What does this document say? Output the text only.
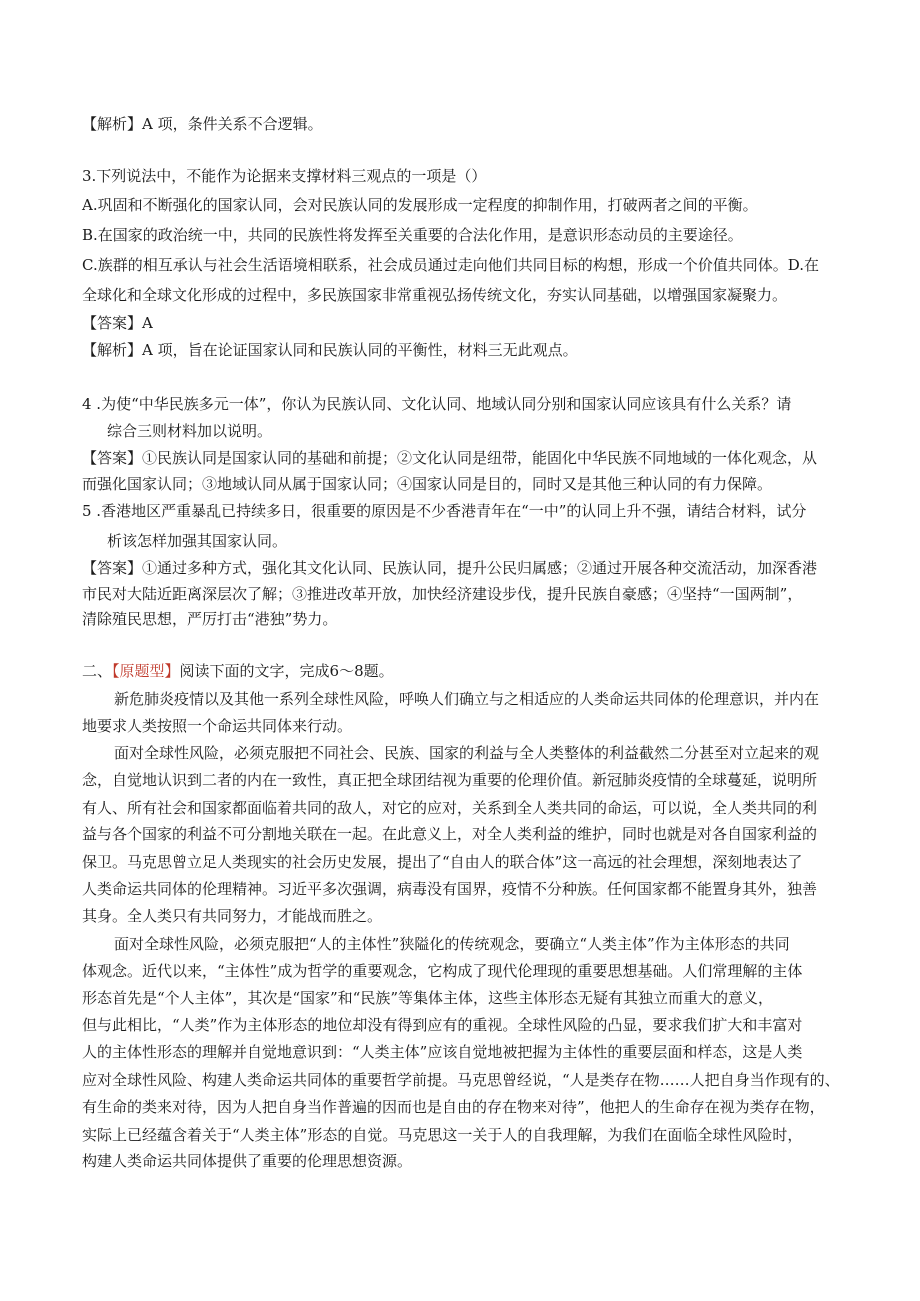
【解析】A 项，条件关系不合逻辑。
3.下列说法中，不能作为论据来支撑材料三观点的一项是（）
A.巩固和不断强化的国家认同，会对民族认同的发展形成一定程度的抑制作用，打破两者之间的平衡。
B.在国家的政治统一中，共同的民族性将发挥至关重要的合法化作用，是意识形态动员的主要途径。
C.族群的相互承认与社会生活语境相联系，社会成员通过走向他们共同目标的构想，形成一个价值共同体。D.在
全球化和全球文化形成的过程中，多民族国家非常重视弘扬传统文化，夯实认同基础，以增强国家凝聚力。
【答案】A
【解析】A 项，旨在论证国家认同和民族认同的平衡性，材料三无此观点。
4 .为使“中华民族多元一体”，你认为民族认同、文化认同、地域认同分别和国家认同应该具有什么关系？请
综合三则材料加以说明。
【答案】①民族认同是国家认同的基础和前提；②文化认同是纽带，能固化中华民族不同地域的一体化观念，从
而强化国家认同；③地域认同从属于国家认同；④国家认同是目的，同时又是其他三种认同的有力保障。
5 .香港地区严重暴乱已持续多日，很重要的原因是不少香港青年在“一中”的认同上升不强，请结合材料，试分
析该怎样加强其国家认同。
【答案】①通过多种方式，强化其文化认同、民族认同，提升公民归属感；②通过开展各种交流活动，加深香港
市民对大陆近距离深层次了解；③推进改革开放，加快经济建设步伐，提升民族自豪感；④坚持“一国两制”，
清除殖民思想，严厉打击“港独”势力。
二、【原题型】阅读下面的文字，完成6～8题。
新危肺炎疫情以及其他一系列全球性风险，呼唤人们确立与之相适应的人类命运共同体的伦理意识，并内在
地要求人类按照一个命运共同体来行动。
面对全球性风险，必须克服把不同社会、民族、国家的利益与全人类整体的利益截然二分甚至对立起来的观
念，自觉地认识到二者的内在一致性，真正把全球团结视为重要的伦理价值。新冠肺炎疫情的全球蔓延，说明所
有人、所有社会和国家都面临着共同的敌人，对它的应对，关系到全人类共同的命运，可以说，全人类共同的利
益与各个国家的利益不可分割地关联在一起。在此意义上，对全人类利益的维护，同时也就是对各自国家利益的
保卫。马克思曾立足人类现实的社会历史发展，提出了“自由人的联合体”这一高远的社会理想，深刻地表达了
人类命运共同体的伦理精神。习近平多次强调，病毒没有国界，疫情不分种族。任何国家都不能置身其外，独善
其身。全人类只有共同努力，才能战而胜之。
面对全球性风险，必须克服把“人的主体性”狭隘化的传统观念，要确立“人类主体”作为主体形态的共同
体观念。近代以来，“主体性”成为哲学的重要观念，它构成了现代伦理现的重要思想基础。人们常理解的主体
形态首先是“个人主体”，其次是“国家”和“民族”等集体主体，这些主体形态无疑有其独立而重大的意义，
但与此相比，“人类”作为主体形态的地位却没有得到应有的重视。全球性风险的凸显，要求我们扩大和丰富对
人的主体性形态的理解并自觉地意识到：“人类主体”应该自觉地被把握为主体性的重要层面和样态，这是人类
应对全球性风险、构建人类命运共同体的重要哲学前提。马克思曾经说，“人是类存在物……人把自身当作现有的、
有生命的类来对待，因为人把自身当作普遍的因而也是自由的存在物来对待”，他把人的生命存在视为类存在物，
实际上已经蕴含着关于“人类主体”形态的自觉。马克思这一关于人的自我理解，为我们在面临全球性风险时，
构建人类命运共同体提供了重要的伦理思想资源。
